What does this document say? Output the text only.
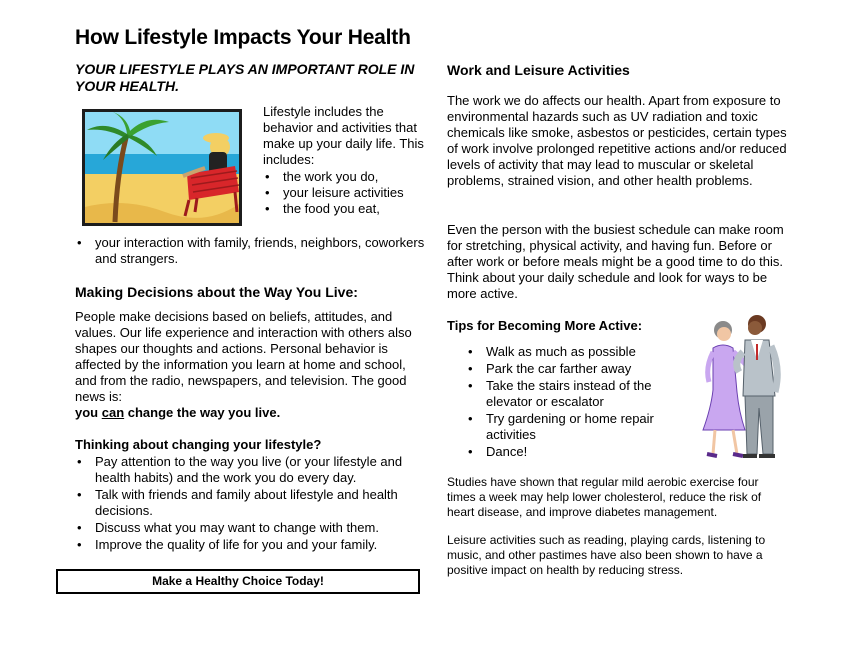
How Lifestyle Impacts Your Health
YOUR LIFESTYLE PLAYS AN IMPORTANT ROLE IN YOUR HEALTH.
Lifestyle includes the behavior and activities that make up your daily life. This includes:
• the work you do,
• your leisure activities
• the food you eat,
• your interaction with family, friends, neighbors, coworkers and strangers.
Making Decisions about the Way You Live:
People make decisions based on beliefs, attitudes, and values. Our life experience and interaction with others also shapes our thoughts and actions. Personal behavior is affected by the information you learn at home and school, and from the radio, newspapers, and television. The good news is:
you can change the way you live.
Thinking about changing your lifestyle?
• Pay attention to the way you live (or your lifestyle and health habits) and the work you do every day.
• Talk with friends and family about lifestyle and health decisions.
• Discuss what you may want to change with them.
• Improve the quality of life for you and your family.
Make a Healthy Choice Today!
Work and Leisure Activities
The work we do affects our health. Apart from exposure to environmental hazards such as UV radiation and toxic chemicals like smoke, asbestos or pesticides, certain types of work involve prolonged repetitive actions and/or reduced levels of activity that may lead to muscular or skeletal problems, strained vision, and other health problems.
Even the person with the busiest schedule can make room for stretching, physical activity, and having fun. Before or after work or before meals might be a good time to do this. Think about your daily schedule and look for ways to be more active.
Tips for Becoming More Active:
• Walk as much as possible
• Park the car farther away
• Take the stairs instead of the elevator or escalator
• Try gardening or home repair activities
• Dance!
Studies have shown that regular mild aerobic exercise four times a week may help lower cholesterol, reduce the risk of heart disease, and improve diabetes management.
Leisure activities such as reading, playing cards, listening to music, and other pastimes have also been shown to have a positive impact on health by reducing stress.
